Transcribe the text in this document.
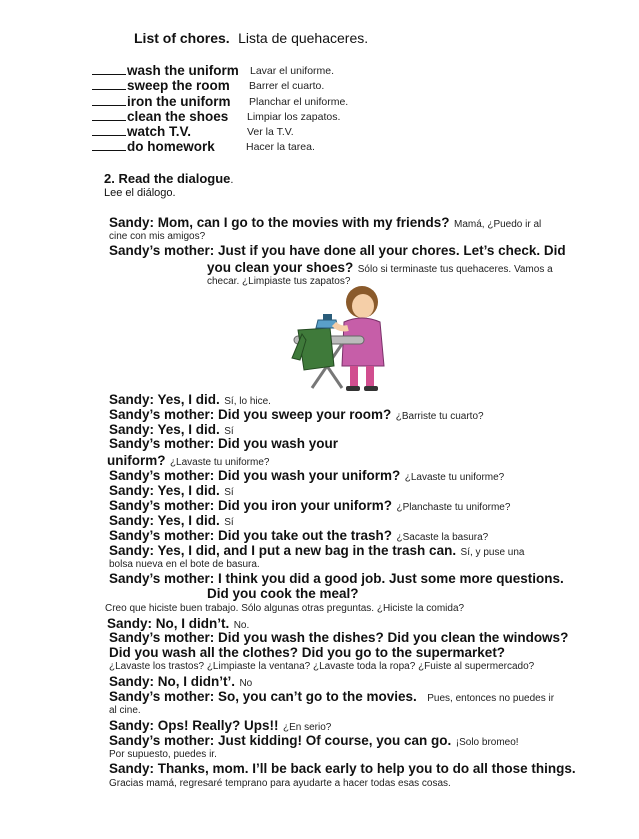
List of chores. Lista de quehaceres.
wash the uniform Lavar el uniforme.
sweep the room Barrer el cuarto.
iron the uniform Planchar el uniforme.
clean the shoes Limpiar los zapatos.
watch T.V.	Ver la T.V.
do homework	Hacer la tarea.
2. Read the dialogue.
Lee el diálogo.
Sandy: Mom, can I go to the movies with my friends? Mamá, ¿Puedo ir al
cine con mis amigos?
Sandy’s mother: Just if you have done all your chores. Let’s check. Did
you clean your shoes? Sólo si terminaste tus quehaceres. Vamos a
checar. ¿Limpiaste tus zapatos?
Sandy: Yes, I did. Sí, lo hice.
Sandy’s mother: Did you sweep your room? ¿Barriste tu cuarto?
Sandy: Yes, I did. Sí
Sandy’s mother: Did you wash your
uniform? ¿Lavaste tu uniforme?
Sandy’s mother: Did you wash your uniform? ¿Lavaste tu uniforme?
Sandy: Yes, I did. Sí
Sandy’s mother: Did you iron your uniform? ¿Planchaste tu uniforme?
Sandy: Yes, I did. Sí
Sandy’s mother: Did you take out the trash? ¿Sacaste la basura?
Sandy: Yes, I did, and I put a new bag in the trash can. Sí, y puse una
bolsa nueva en el bote de basura.
Sandy’s mother: I think you did a good job. Just some more questions.
Did you cook the meal?
Creo que hiciste buen trabajo. Sólo algunas otras preguntas. ¿Hiciste la comida?
Sandy: No, I didn’t. No.
Sandy’s mother: Did you wash the dishes? Did you clean the windows?
Did you wash all the clothes? Did you go to the supermarket?
¿Lavaste los trastos? ¿Limpiaste la ventana? ¿Lavaste toda la ropa? ¿Fuiste al supermercado?
Sandy: No, I didn’t’. No
Sandy’s mother: So, you can’t go to the movies. Pues, entonces no puedes ir
al cine.
Sandy: Ops! Really? Ups!! ¿En serio?
Sandy’s mother: Just kidding! Of course, you can go. ¡Solo bromeo!
Por supuesto, puedes ir.
Sandy: Thanks, mom. I’ll be back early to help you to do all those things.
Gracias mamá, regresaré temprano para ayudarte a hacer todas esas cosas.
